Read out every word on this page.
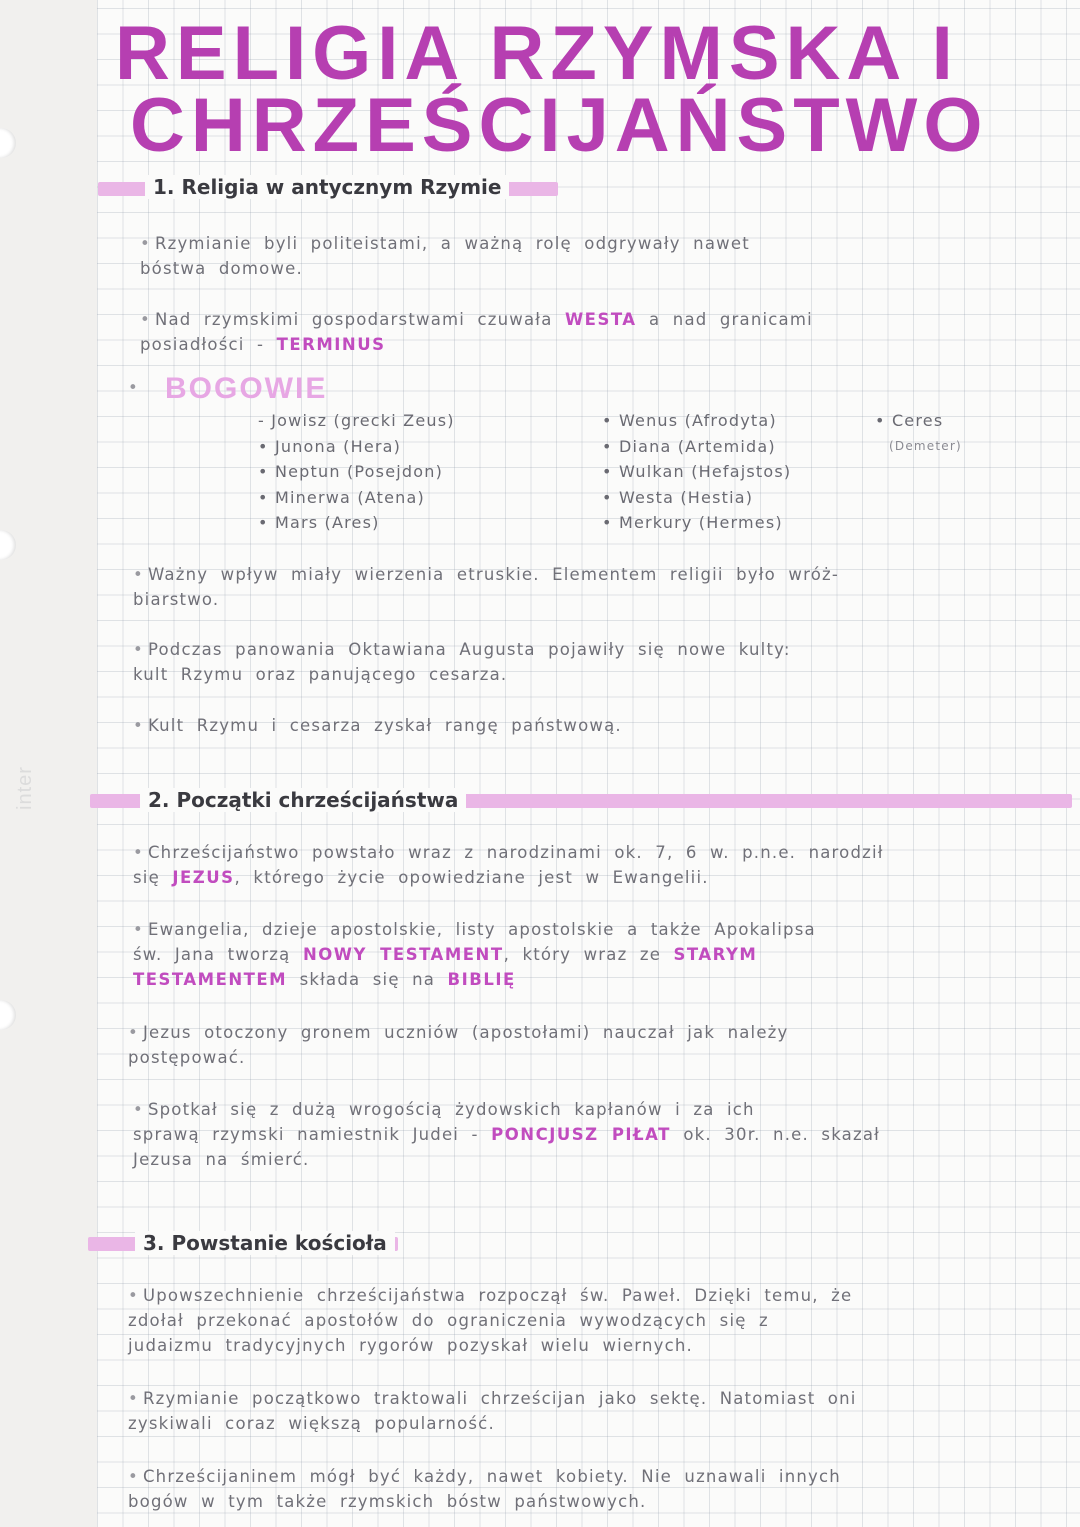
inter
RELIGIA RZYMSKA I
CHRZEŚCIJAŃSTWO
1. Religia w antycznym Rzymie
• Rzymianie byli politeistami, a ważną rolę odgrywały nawet
bóstwa domowe.
• Nad rzymskimi gospodarstwami czuwała WESTA a nad granicami
posiadłości - TERMINUS
• BOGOWIE
- Jowisz (grecki Zeus)
• Junona (Hera)
• Neptun (Posejdon)
• Minerwa (Atena)
• Mars (Ares)
• Wenus (Afrodyta)
• Diana (Artemida)
• Wulkan (Hefajstos)
• Westa (Hestia)
• Merkury (Hermes)
• Ceres
(Demeter)
• Ważny wpływ miały wierzenia etruskie. Elementem religii było wróż-
biarstwo.
• Podczas panowania Oktawiana Augusta pojawiły się nowe kulty:
kult Rzymu oraz panującego cesarza.
• Kult Rzymu i cesarza zyskał rangę państwową.
2. Początki chrześcijaństwa
• Chrześcijaństwo powstało wraz z narodzinami ok. 7, 6 w. p.n.e. narodził
się JEZUS, którego życie opowiedziane jest w Ewangelii.
• Ewangelia, dzieje apostolskie, listy apostolskie a także Apokalipsa
św. Jana tworzą NOWY TESTAMENT, który wraz ze STARYM
TESTAMENTEM składa się na BIBLIĘ
• Jezus otoczony gronem uczniów (apostołami) nauczał jak należy
postępować.
• Spotkał się z dużą wrogością żydowskich kapłanów i za ich
sprawą rzymski namiestnik Judei - PONCJUSZ PIŁAT ok. 30r. n.e. skazał
Jezusa na śmierć.
3. Powstanie kościoła
• Upowszechnienie chrześcijaństwa rozpoczął św. Paweł. Dzięki temu, że
zdołał przekonać apostołów do ograniczenia wywodzących się z
judaizmu tradycyjnych rygorów pozyskał wielu wiernych.
• Rzymianie początkowo traktowali chrześcijan jako sektę. Natomiast oni
zyskiwali coraz większą popularność.
• Chrześcijaninem mógł być każdy, nawet kobiety. Nie uznawali innych
bogów w tym także rzymskich bóstw państwowych.
